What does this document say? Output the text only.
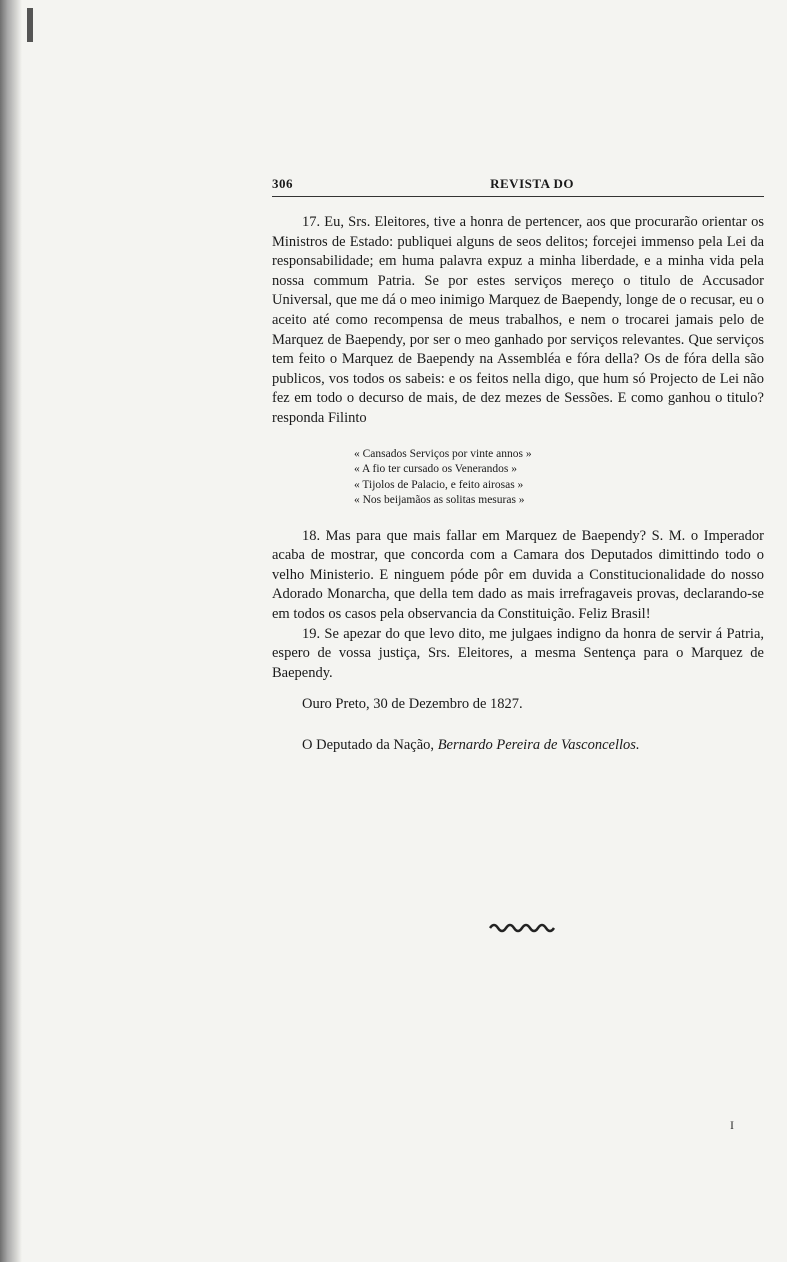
306	REVISTA DO

17. Eu, Srs. Eleitores, tive a honra de pertencer, aos que procurarão orientar os Ministros de Estado: publiquei alguns de seos delitos; forcejei immenso pela Lei da responsabilidade; em huma palavra expuz a minha liberdade, e a minha vida pela nossa commum Patria. Se por estes serviços mereço o titulo de Accusador Universal, que me dá o meo inimigo Marquez de Baependy, longe de o recusar, eu o aceito até como recompensa de meus trabalhos, e nem o trocarei jamais pelo de Marquez de Baependy, por ser o meo ganhado por serviços relevantes. Que serviços tem feito o Marquez de Baependy na Assembléa e fóra della? Os de fóra della são publicos, vos todos os sabeis: e os feitos nella digo, que hum só Projecto de Lei não fez em todo o decurso de mais, de dez mezes de Sessões. E como ganhou o titulo? responda Filinto

« Cansados Serviços por vinte annos »
« A fio ter cursado os Venerandos »
« Tijolos de Palacio, e feito airosas »
« Nos beijamãos as solitas mesuras »

18. Mas para que mais fallar em Marquez de Baependy? S. M. o Imperador acaba de mostrar, que concorda com a Camara dos Deputados dimittindo todo o velho Ministerio. E ninguem póde pôr em duvida a Constitucionalidade do nosso Adorado Monarcha, que della tem dado as mais irrefragaveis provas, declarando-se em todos os casos pela observancia da Constituição. Feliz Brasil!

19. Se apezar do que levo dito, me julgaes indigno da honra de servir á Patria, espero de vossa justiça, Srs. Eleitores, a mesma Sentença para o Marquez de Baependy.

Ouro Preto, 30 de Dezembro de 1827.

O Deputado da Nação, Bernardo Pereira de Vasconcellos.
I
